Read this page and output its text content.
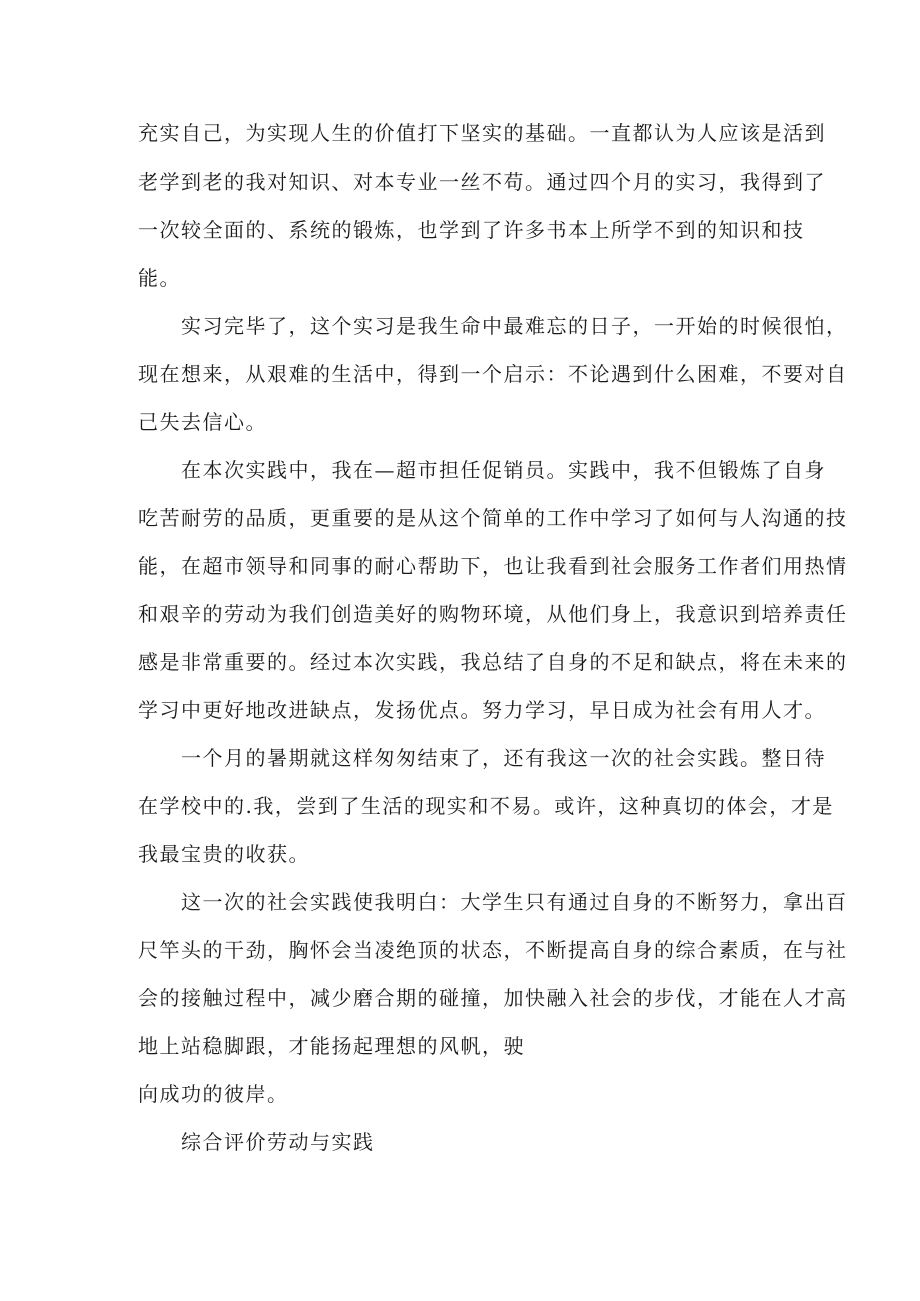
充实自己，为实现人生的价值打下坚实的基础。一直都认为人应该是活到
老学到老的我对知识、对本专业一丝不苟。通过四个月的实习，我得到了
一次较全面的、系统的锻炼，也学到了许多书本上所学不到的知识和技
能。
实习完毕了，这个实习是我生命中最难忘的日子，一开始的时候很怕，
现在想来，从艰难的生活中，得到一个启示：不论遇到什么困难，不要对自
己失去信心。
在本次实践中，我在—超市担任促销员。实践中，我不但锻炼了自身
吃苦耐劳的品质，更重要的是从这个简单的工作中学习了如何与人沟通的技
能，在超市领导和同事的耐心帮助下，也让我看到社会服务工作者们用热情
和艰辛的劳动为我们创造美好的购物环境，从他们身上，我意识到培养责任
感是非常重要的。经过本次实践，我总结了自身的不足和缺点，将在未来的
学习中更好地改进缺点，发扬优点。努力学习，早日成为社会有用人才。
一个月的暑期就这样匆匆结束了，还有我这一次的社会实践。整日待
在学校中的.我，尝到了生活的现实和不易。或许，这种真切的体会，才是
我最宝贵的收获。
这一次的社会实践使我明白：大学生只有通过自身的不断努力，拿出百
尺竿头的干劲，胸怀会当凌绝顶的状态，不断提高自身的综合素质，在与社
会的接触过程中，减少磨合期的碰撞，加快融入社会的步伐，才能在人才高
地上站稳脚跟，才能扬起理想的风帆，驶
向成功的彼岸。
综合评价劳动与实践
